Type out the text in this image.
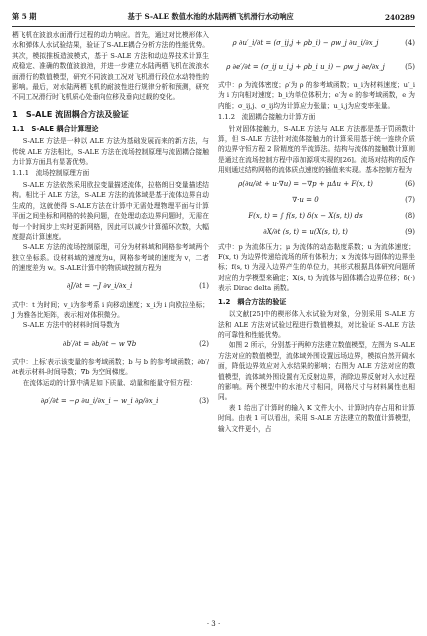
第 5 期	基于 S-ALE 数值水池的水陆两栖飞机滑行水动响应	240289

栖飞机在波浪水面滑行过程的动力响应。首先，通过对比模形体入水和弹体人水试验结果，验证了S-ALE耦合分析方法的性能优势。其次，模拟推板造波模式，基于 S-ALE 方法和动边界技术计算生成稳定、准确的数值波浪池，并进一步建立水陆两栖飞机在波浪水面滑行的数值模型，研究不同波浪工况对飞机滑行段位水动特性的影响。最后，对水陆两栖飞机的耐波性进行规律分析和预测，研究不同工况滑行时飞机质心处垂向位移及垂向过载的变化。

1　S-ALE 流固耦合方法及验证
1.1　S-ALE 耦合计算理论

S-ALE 方法是一种以 ALE 方法为基础发展而来的新方法，与传统 ALE 方法相比，S-ALE 方法在流场控制原理与流固耦合接触力计算方面具有显著优势。

1.1.1　流场控制原理方面

S-ALE 方法依然采用欧拉变量描述流体，拉格朗日变量描述结构。相比于 ALE 方法，S-ALE 方法的流体域是基于流体边界自动生成的，这就使得 S-ALE方法在计算中无需处理物理平面与计算平面之间坐标和网格的转换问题，在处理动态边界问题时，无需在每一个时间步上实时更新网格，因此可以减少计算循环次数，大幅度提高计算速度。

S-ALE 方法的流场控制原理，可分为材料域和网格参考域两个独立坐标系。设材料域的速度为u，网格参考域的速度为 v，二者的速度差为 w。S-ALE计算中的物质域控制方程为

∂J/∂t = −J ∂v_i/∂x_i	(1)

式中：t 为时间；v_i为参考系 i 向移动速度；x_i为 i 向欧拉坐标；J 为雅各比矩阵，表示相对体积微分。

S-ALE 方法中的材料时间导数为

∂b′/∂t = ∂b/∂t − w ∇b	(2)

式中：上标′表示该变量的参考域函数；b 与 b 的参考域函数；∂b′/∂t表示材料-时间导数；∇b 为空间梯度。

在流体运动的计算中满足如下质量、动量和能量守恒方程：

∂ρ′/∂t = −ρ ∂u_i/∂x_i − w_i ∂ρ/∂x_i	(3)
ρ ∂u′_i/∂t = (σ_ij,j + ρb_i) − ρw_j ∂u_i/∂x_j	(4)
ρ ∂e′/∂t = (σ_ij u_i,j + ρb_i u_i) − ρw_j ∂e/∂x_j	(5)

式中：ρ 为流体密度；ρ′为 ρ 的参考域函数；u_i为材料速度；u′_i为 i 方向相对速度；b_i为单位体积力；e′为 e 的参考域函数，e 为内能；σ_ij,j、σ_ij均为计算应力张量；u_i,j为应变率张量。

1.1.2　流固耦合接触力计算方面

针对固体接触力，S-ALE 方法与 ALE 方法都是基于罚函数计算，但 S-ALE 方法针对流体接触力的计算采用基于统一连续介质的边界守恒方程 2 阶精度的半流算法。结构与流体的接触数计算则是通过在流场控制方程中添加源项实现的[26]。流场对结构的反作用则通过结构网格的流体质点速度的插值来实现。基本控制方程为

ρ(∂u/∂t + u·∇u) = −∇p + μΔu + F(x, t)	(6)
∇·u = 0	(7)
F(x, t) = ∫ f(s, t) δ(x − X(s, t)) ds	(8)
∂X/∂t (s, t) = u(X(s, t), t)	(9)

式中：p 为流体压力；μ 为流体的动态黏度系数；u 为流体速度；F(x, t) 为边界传递给流场的所有体积力；x 为流体与固体的边界坐标；f(s, t) 为浸入边界产生的单位力，其形式根据具体研究问题所对应的力学模型来确定；X(s, t) 为流体与固体耦合边界位移；δ(·) 表示 Dirac delta 函数。

1.2　耦合方法的验证

以文献[25]中的楔形体入水试验为对象，分别采用 S-ALE 方法和 ALE 方法对试验过程进行数值模拟，对比验证 S-ALE 方法的可靠性和性能优势。

如图 2 所示，分别基于两种方法建立数值模型，左图为 S-ALE 方法对应的数值模型，流体域外围设置远场边界，模拟自然开阔水面，降低边界效应对入水结果的影响；右图为 ALE 方法对应的数值模型，流体域外围设置有无反射边界，消除边界反射对入水过程的影响。两个模型中的水池尺寸相同，网格尺寸与材料属性也相同。

表 1 给出了计算时的输入 K 文件大小、计算时内存占用和计算时间。由表 1 可以看出，采用 S-ALE 方法建立的数值计算模型，输入文件更小，占

· 3 ·
